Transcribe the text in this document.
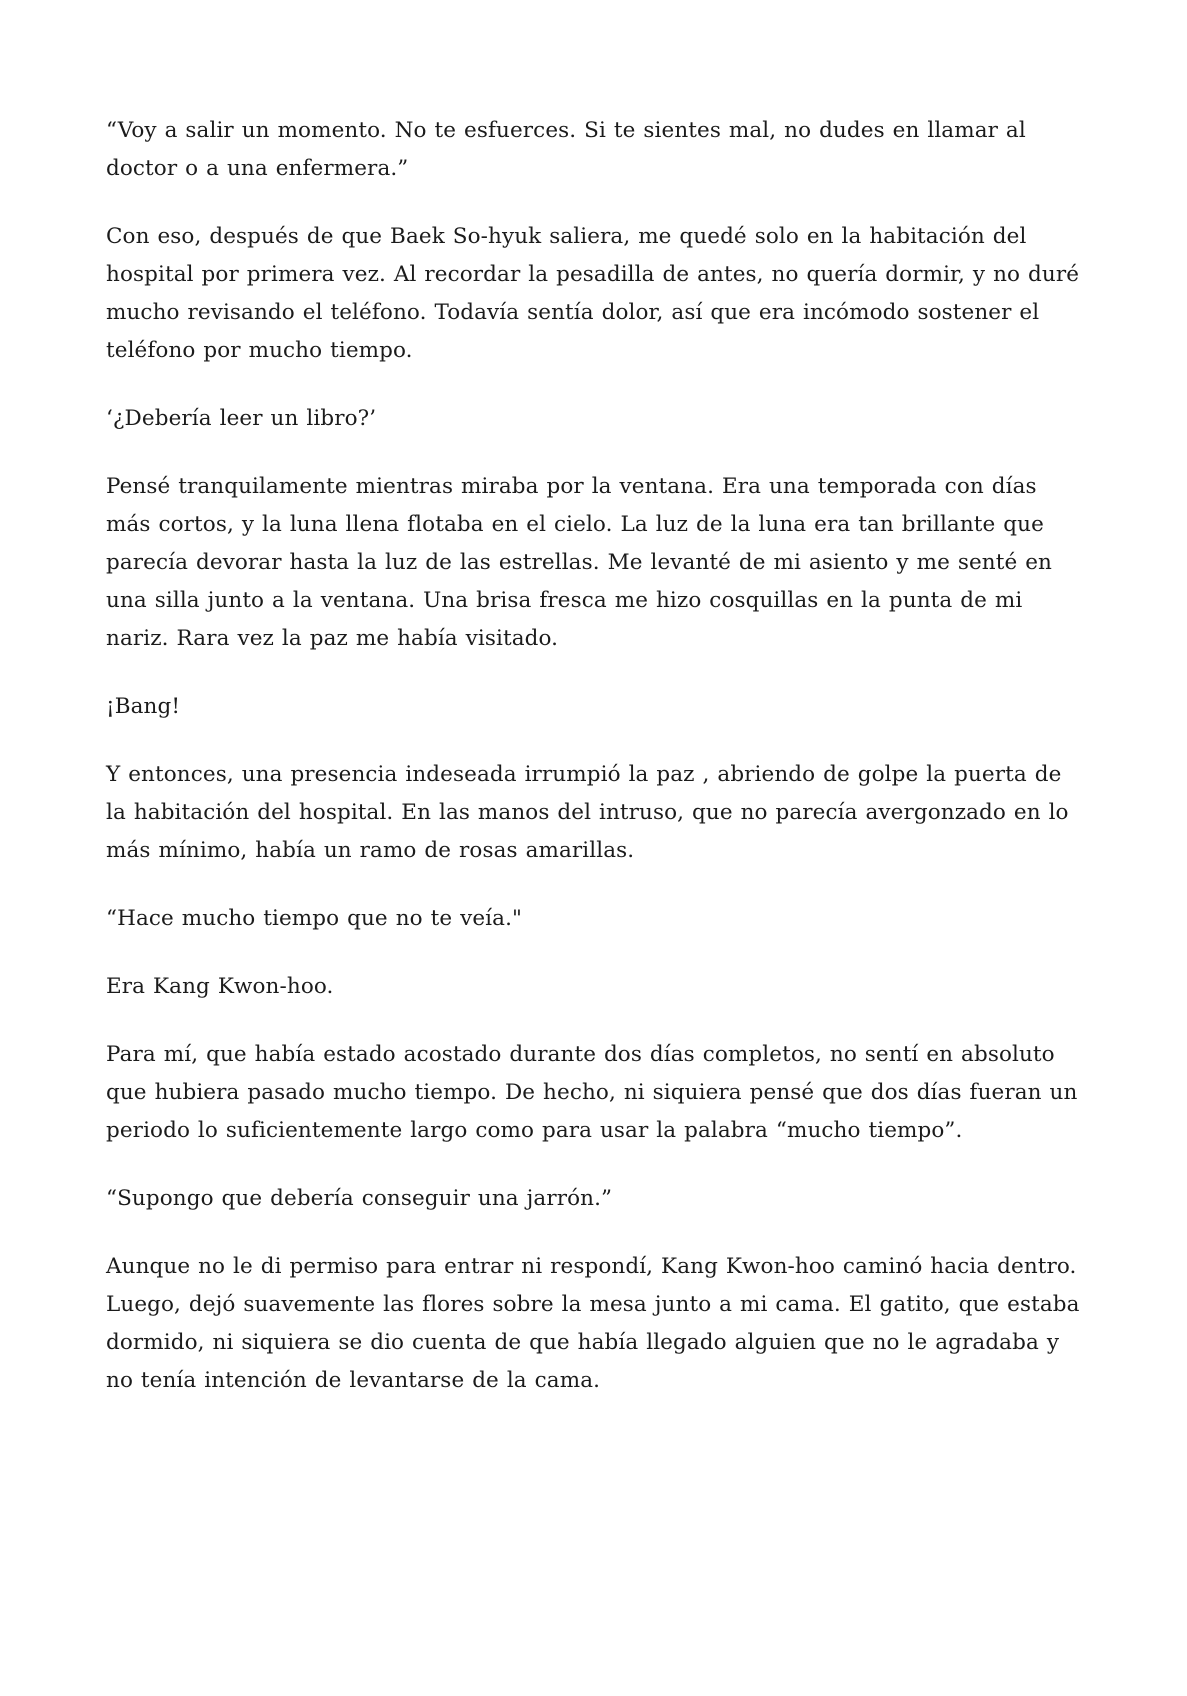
“Voy a salir un momento. No te esfuerces. Si te sientes mal, no dudes en llamar al doctor o a una enfermera.”

Con eso, después de que Baek So-hyuk saliera, me quedé solo en la habitación del hospital por primera vez. Al recordar la pesadilla de antes, no quería dormir, y no duré mucho revisando el teléfono. Todavía sentía dolor, así que era incómodo sostener el teléfono por mucho tiempo.

‘¿Debería leer un libro?’

Pensé tranquilamente mientras miraba por la ventana. Era una temporada con días más cortos, y la luna llena flotaba en el cielo. La luz de la luna era tan brillante que parecía devorar hasta la luz de las estrellas. Me levanté de mi asiento y me senté en una silla junto a la ventana. Una brisa fresca me hizo cosquillas en la punta de mi nariz. Rara vez la paz me había visitado.

¡Bang!

Y entonces, una presencia indeseada irrumpió la paz , abriendo de golpe la puerta de la habitación del hospital. En las manos del intruso, que no parecía avergonzado en lo más mínimo, había un ramo de rosas amarillas.

“Hace mucho tiempo que no te veía."

Era Kang Kwon-hoo.

Para mí, que había estado acostado durante dos días completos, no sentí en absoluto que hubiera pasado mucho tiempo. De hecho, ni siquiera pensé que dos días fueran un periodo lo suficientemente largo como para usar la palabra “mucho tiempo”.

“Supongo que debería conseguir una jarrón.”

Aunque no le di permiso para entrar ni respondí, Kang Kwon-hoo caminó hacia dentro. Luego, dejó suavemente las flores sobre la mesa junto a mi cama. El gatito, que estaba dormido, ni siquiera se dio cuenta de que había llegado alguien que no le agradaba y no tenía intención de levantarse de la cama.
